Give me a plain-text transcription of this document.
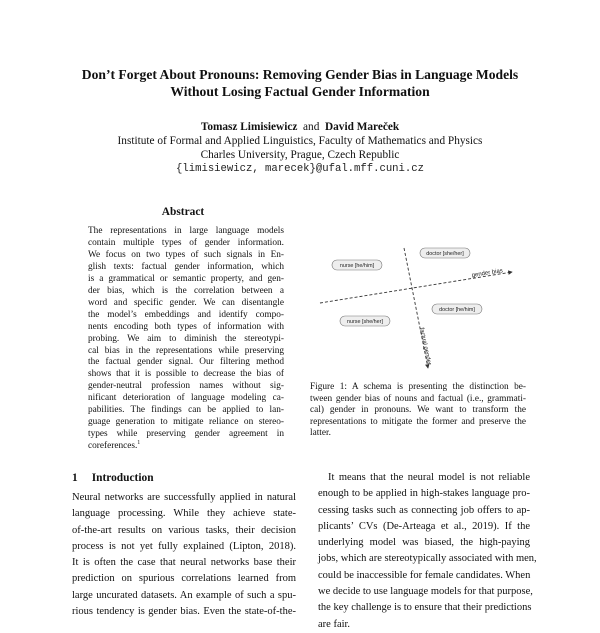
Don’t Forget About Pronouns: Removing Gender Bias in Language Models
Without Losing Factual Gender Information
Tomasz Limisiewicz and David Mareček
Institute of Formal and Applied Linguistics, Faculty of Mathematics and Physics
Charles University, Prague, Czech Republic
{limisiewicz, marecek}@ufal.mff.cuni.cz
Abstract
The representations in large language models
contain multiple types of gender information.
We focus on two types of such signals in En-
glish texts: factual gender information, which
is a grammatical or semantic property, and gen-
der bias, which is the correlation between a
word and specific gender. We can disentangle
the model’s embeddings and identify compo-
nents encoding both types of information with
probing. We aim to diminish the stereotypi-
cal bias in the representations while preserving
the factual gender signal. Our filtering method
shows that it is possible to decrease the bias of
gender-neutral profession names without sig-
nificant deterioration of language modeling ca-
pabilities. The findings can be applied to lan-
guage generation to mitigate reliance on stereo-
types while preserving gender agreement in
coreferences.$^1$
gender bias
factual gender
doctor [she/her]
nurse [he/him]
doctor [he/him]
nurse [she/her]
Figure 1: A schema is presenting the distinction be-
tween gender bias of nouns and factual (i.e., grammati-
cal) gender in pronouns. We want to transform the
representations to mitigate the former and preserve the
latter.
1 Introduction
Neural networks are successfully applied in natural
language processing. While they achieve state-
of-the-art results on various tasks, their decision
process is not yet fully explained (Lipton, 2018).
It is often the case that neural networks base their
prediction on spurious correlations learned from
large uncurated datasets. An example of such a spu-
rious tendency is gender bias. Even the state-of-the-
It means that the neural model is not reliable
enough to be applied in high-stakes language pro-
cessing tasks such as connecting job offers to ap-
plicants’ CVs (De-Arteaga et al., 2019). If the
underlying model was biased, the high-paying
jobs, which are stereotypically associated with men,
could be inaccessible for female candidates. When
we decide to use language models for that purpose,
the key challenge is to ensure that their predictions
are fair.
